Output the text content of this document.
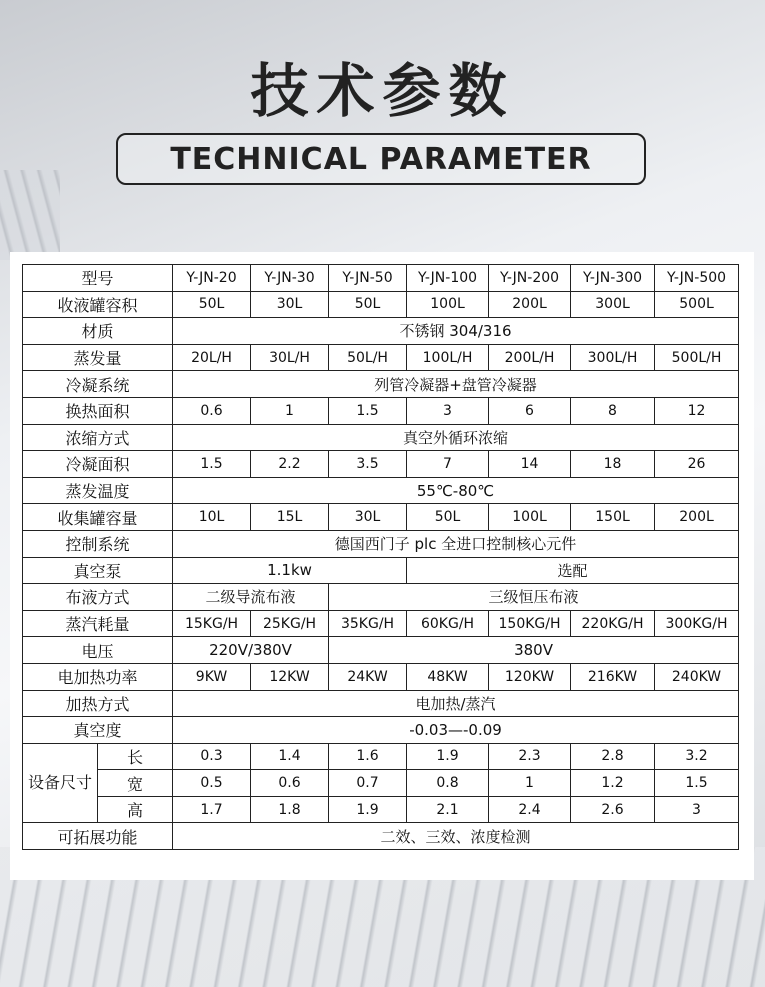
技术参数
TECHNICAL PARAMETER
型号		Y-JN-20	Y-JN-30	Y-JN-50	Y-JN-100	Y-JN-200	Y-JN-300	Y-JN-500
收液罐容积		50L	30L	50L	100L	200L	300L	500L
材质		不锈钢 304/316						
蒸发量		20L/H	30L/H	50L/H	100L/H	200L/H	300L/H	500L/H
冷凝系统		列管冷凝器+盘管冷凝器						
换热面积		0.6	1	1.5	3	6	8	12
浓缩方式		真空外循环浓缩						
冷凝面积		1.5	2.2	3.5	7	14	18	26
蒸发温度		55℃-80℃						
收集罐容量		10L	15L	30L	50L	100L	150L	200L
控制系统		德国西门子 plc 全进口控制核心元件						
真空泵		1.1kw			选配			
布液方式		二级导流布液		三级恒压布液				
蒸汽耗量		15KG/H	25KG/H	35KG/H	60KG/H	150KG/H	220KG/H	300KG/H
电压		220V/380V		380V				
电加热功率		9KW	12KW	24KW	48KW	120KW	216KW	240KW
加热方式		电加热/蒸汽						
真空度		-0.03—-0.09						
设备尺寸	长	0.3	1.4	1.6	1.9	2.3	2.8	3.2
	宽	0.5	0.6	0.7	0.8	1	1.2	1.5
	高	1.7	1.8	1.9	2.1	2.4	2.6	3
可拓展功能		二效、三效、浓度检测						
